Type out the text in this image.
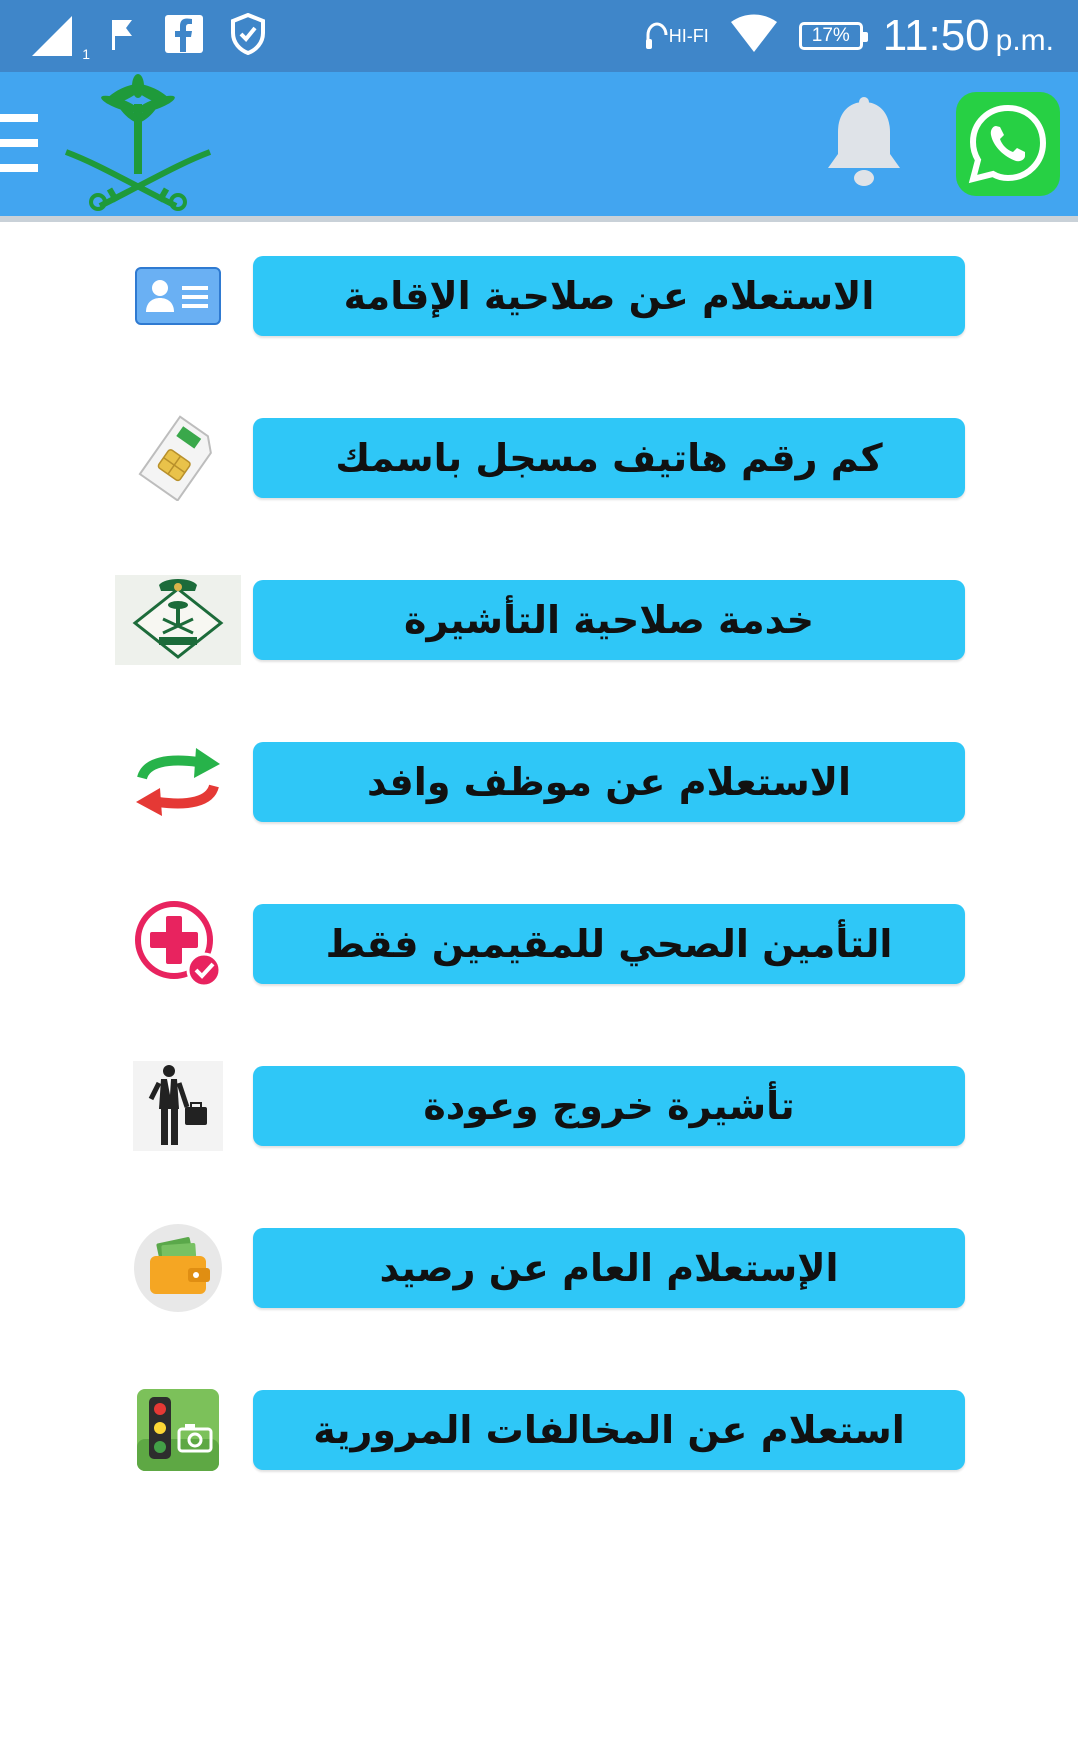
1
HI-FI	17% 11:50 p.m.
الاستعلام عن صلاحية الإقامة
كم رقم هاتيف مسجل باسمك
خدمة صلاحية التأشيرة
الاستعلام عن موظف وافد
التأمين الصحي للمقيمين فقط
تأشيرة خروج وعودة
الإستعلام العام عن رصيد
استعلام عن المخالفات المرورية
